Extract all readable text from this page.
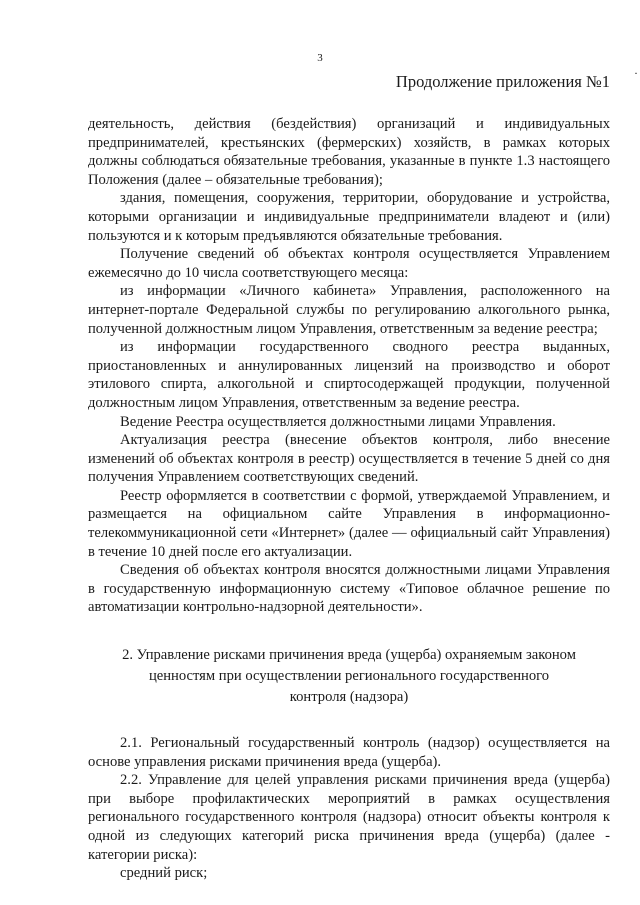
3
Продолжение приложения №1 ·

деятельность, действия (бездействия) организаций и индивидуальных предпринимателей, крестьянских (фермерских) хозяйств, в рамках которых должны соблюдаться обязательные требования, указанные в пункте 1.3 настоящего Положения (далее – обязательные требования);

здания, помещения, сооружения, территории, оборудование и устройства, которыми организации и индивидуальные предприниматели владеют и (или) пользуются и к которым предъявляются обязательные требования.

Получение сведений об объектах контроля осуществляется Управлением ежемесячно до 10 числа соответствующего месяца:

из информации «Личного кабинета» Управления, расположенного на интернет-портале Федеральной службы по регулированию алкогольного рынка, полученной должностным лицом Управления, ответственным за ведение реестра;

из информации государственного сводного реестра выданных, приостановленных и аннулированных лицензий на производство и оборот этилового спирта, алкогольной и спиртосодержащей продукции, полученной должностным лицом Управления, ответственным за ведение реестра.

Ведение Реестра осуществляется должностными лицами Управления.

Актуализация реестра (внесение объектов контроля, либо внесение изменений об объектах контроля в реестр) осуществляется в течение 5 дней со дня получения Управлением соответствующих сведений.

Реестр оформляется в соответствии с формой, утверждаемой Управлением, и размещается на официальном сайте Управления в информационно-телекоммуникационной сети «Интернет» (далее — официальный сайт Управления) в течение 10 дней после его актуализации.

Сведения об объектах контроля вносятся должностными лицами Управления в государственную информационную систему «Типовое облачное решение по автоматизации контрольно-надзорной деятельности».

2. Управление рисками причинения вреда (ущерба) охраняемым законом
ценностям при осуществлении регионального государственного
контроля (надзора)

2.1. Региональный государственный контроль (надзор) осуществляется на основе управления рисками причинения вреда (ущерба).

2.2. Управление для целей управления рисками причинения вреда (ущерба) при выборе профилактических мероприятий в рамках осуществления регионального государственного контроля (надзора) относит объекты контроля к одной из следующих категорий риска причинения вреда (ущерба) (далее - категории риска):

средний риск;
